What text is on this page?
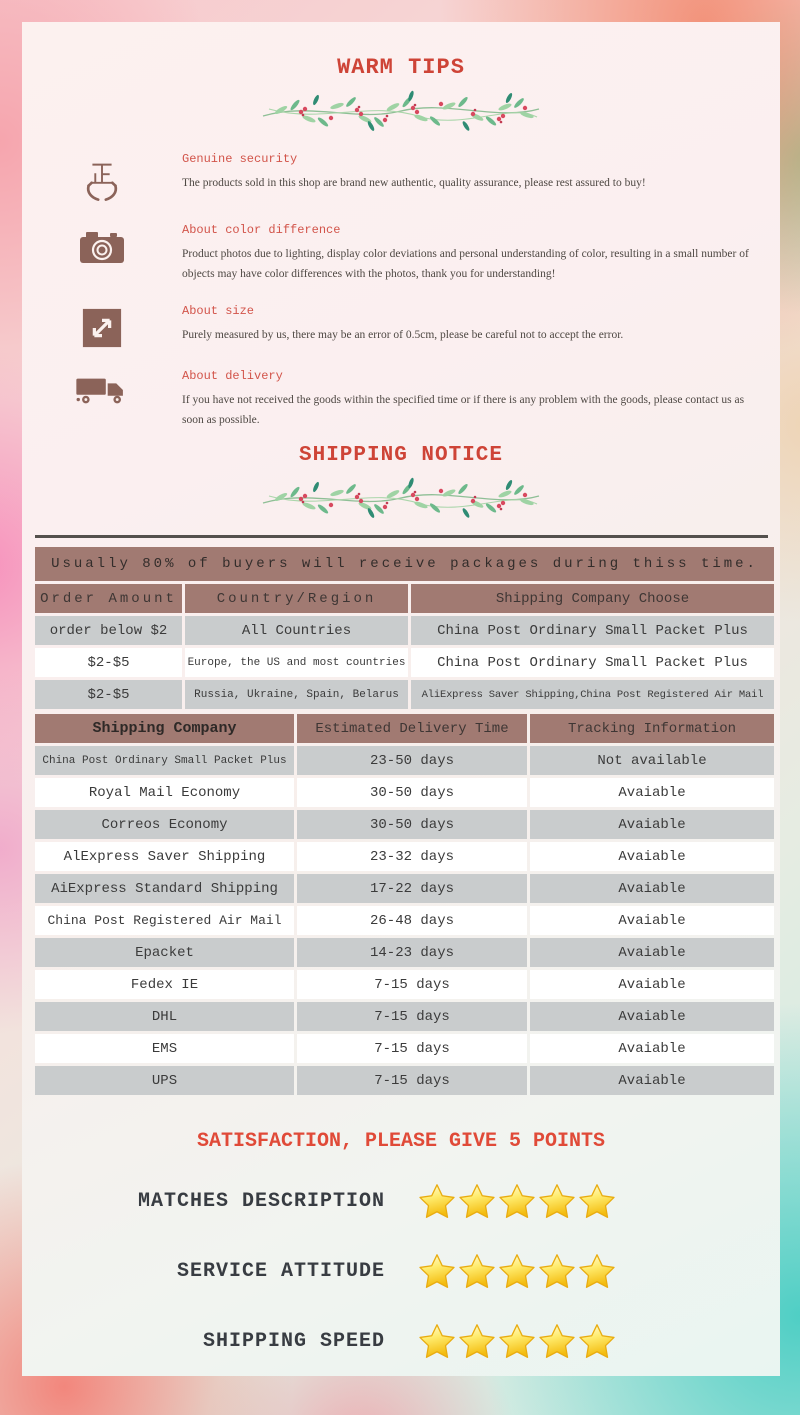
WARM TIPS
Genuine security

The products sold in this shop are brand new authentic, quality assurance, please rest assured to buy!

About color difference

Product photos due to lighting, display color deviations and personal understanding of color, resulting in a small number of objects may have color differences with the photos, thank you for understanding!

About size

Purely measured by us, there may be an error of 0.5cm, please be careful not to accept the error.

About delivery

If you have not received the goods within the specified time or if there is any problem with the goods, please contact us as soon as possible.

SHIPPING NOTICE
Usually 80% of buyers will receive packages during thiss time.		
Order Amount	Country/Region	Shipping Company Choose
order below $2	All Countries	China Post Ordinary Small Packet Plus
$2-$5	Europe, the US and most countries	China Post Ordinary Small Packet Plus
$2-$5	Russia, Ukraine, Spain, Belarus	AliExpress Saver Shipping,China Post Registered Air Mail
Shipping Company	Estimated Delivery Time	Tracking Information
China Post Ordinary Small Packet Plus	23-50 days	Not available
Royal Mail Economy	30-50 days	Avaiable
Correos Economy	30-50 days	Avaiable
AlExpress Saver Shipping	23-32 days	Avaiable
AiExpress Standard Shipping	17-22 days	Avaiable
China Post Registered Air Mail	26-48 days	Avaiable
Epacket	14-23 days	Avaiable
Fedex IE	7-15 days	Avaiable
DHL	7-15 days	Avaiable
EMS	7-15 days	Avaiable
UPS	7-15 days	Avaiable
SATISFACTION, PLEASE GIVE 5 POINTS
MATCHES DESCRIPTION
SERVICE ATTITUDE
SHIPPING SPEED
